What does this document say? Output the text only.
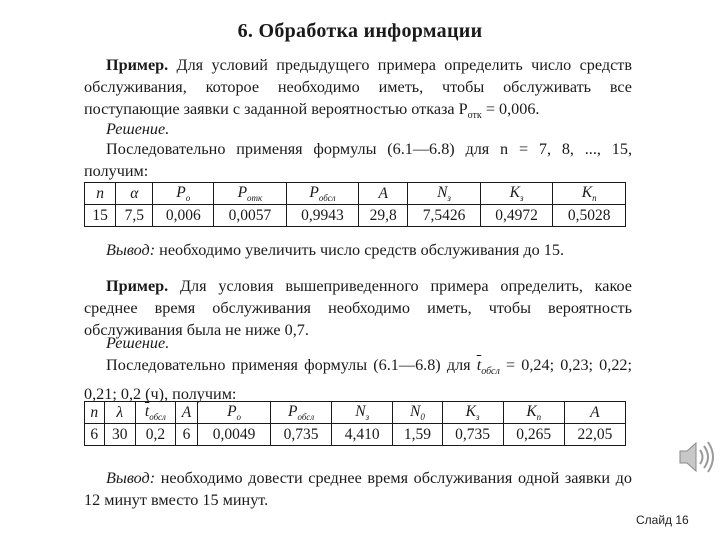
6. Обработка информации
Пример. Для условий предыдущего примера определить число средств обслуживания, которое необходимо иметь, чтобы обслуживать все поступающие заявки с заданной вероятностью отказа $P_{отк} = 0,006$.
Решение.
Последовательно применяя формулы (6.1—6.8) для n = 7, 8, ..., 15, получим:
n	α	$P_o$	$P_{отк}$	$P_{обсл}$	A	$N_з$	$K_з$	$K_п$
15	7,5	0,006	0,0057	0,9943	29,8	7,5426	0,4972	0,5028
Вывод: необходимо увеличить число средств обслуживания до 15.
Пример. Для условия вышеприведенного примера определить, какое среднее время обслуживания необходимо иметь, чтобы вероятность обслуживания была не ниже 0,7.
Решение.
Последовательно применяя формулы (6.1—6.8) для $\overline{t}_{обсл} = 0,24$; 0,23; 0,22; 0,21; 0,2 (ч), получим:
n	λ	$\overline{t}_{обсл}$	A	$P_o$	$P_{обсл}$	$N_з$	$N_0$	$K_з$	$K_п$	A
6	30	0,2	6	0,0049	0,735	4,410	1,59	0,735	0,265	22,05
Вывод: необходимо довести среднее время обслуживания одной заявки до 12 минут вместо 15 минут.
Слайд 16
